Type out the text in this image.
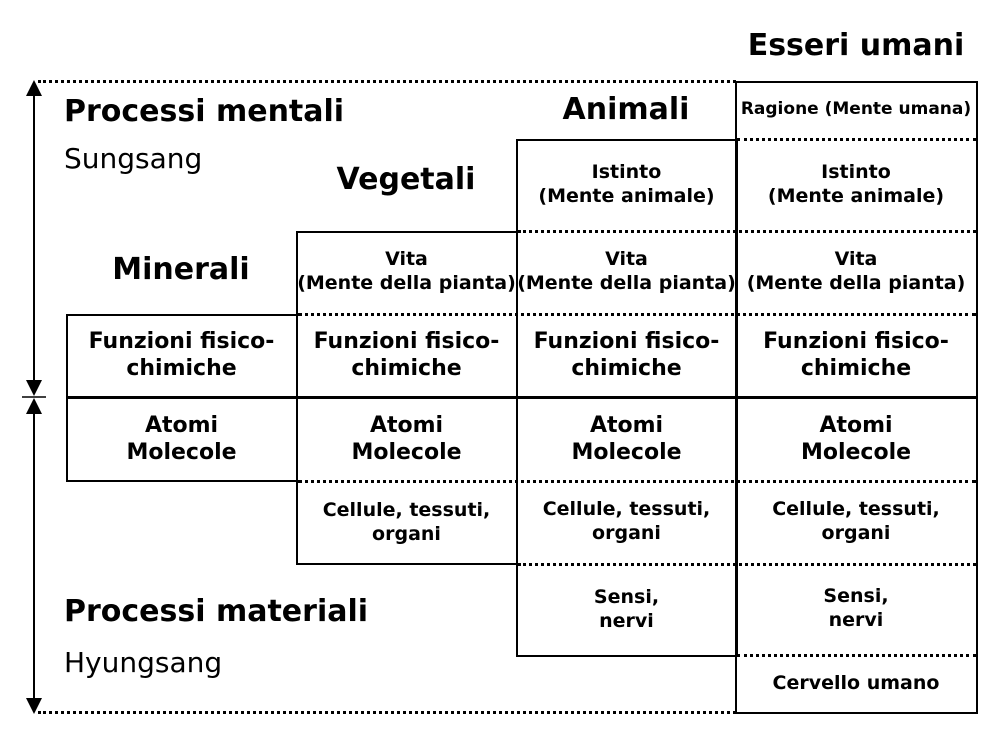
Esseri umani
Animali
Vegetali
Minerali
Processi mentali
Sungsang
Processi materiali
Hyungsang
Ragione (Mente umana)
Istinto
(Mente animale)
Vita
(Mente della pianta)
Funzioni fisico-
chimiche
Atomi
Molecole
Cellule, tessuti,
organi
Sensi,
nervi
Cervello umano
Istinto
(Mente animale)
Vita
(Mente della pianta)
Funzioni fisico-
chimiche
Atomi
Molecole
Cellule, tessuti,
organi
Sensi,
nervi
Vita
(Mente della pianta)
Funzioni fisico-
chimiche
Atomi
Molecole
Cellule, tessuti,
organi
Funzioni fisico-
chimiche
Atomi
Molecole
